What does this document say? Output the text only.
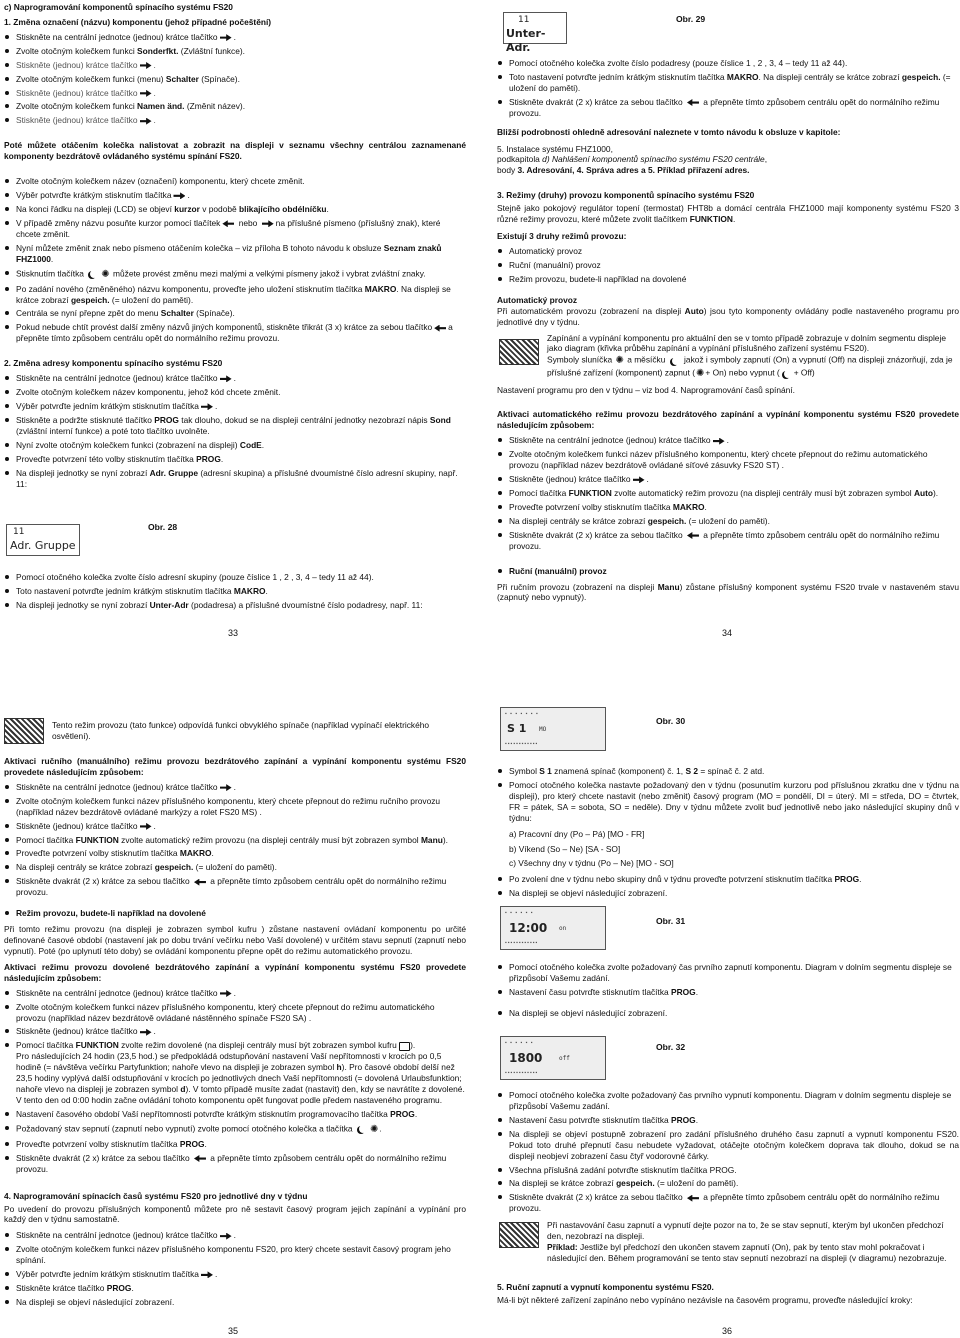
c) Naprogramování komponentů spínacího systému FS20

1. Změna označení (názvu) komponentu (jehož případné počeštění)

Stiskněte na centrální jednotce (jednou) krátce tlačítko .
Zvolte otočným kolečkem funkci Sonderfkt. (Zvláštní funkce).
Stiskněte (jednou) krátce tlačítko .
Zvolte otočným kolečkem funkci (menu) Schalter (Spínače).
Stiskněte (jednou) krátce tlačítko .
Zvolte otočným kolečkem funkci Namen änd. (Změnit název).
Stiskněte (jednou) krátce tlačítko .

Poté můžete otáčením kolečka nalistovat a zobrazit na displeji v seznamu všechny centrálou zaznamenané komponenty bezdrátově ovládaného systému spínání FS20.

Zvolte otočným kolečkem název (označení) komponentu, který chcete změnit.
Výběr potvrďte krátkým stisknutím tlačítka .
Na konci řádku na displeji (LCD) se objeví kurzor v podobě blikajícího obdélníčku.
V případě změny názvu posuňte kurzor pomocí tlačítek nebo na příslušné písmeno (příslušný znak), které chcete změnit.
Nyní můžete změnit znak nebo písmeno otáčením kolečka – viz příloha B tohoto návodu k obsluze Seznam znaků FHZ1000.
Stisknutím tlačítka ✺ můžete provést změnu mezi malými a velkými písmeny jakož i vybrat zvláštní znaky.
Po zadání nového (změněného) názvu komponentu, proveďte jeho uložení stisknutím tlačítka MAKRO. Na displeji se krátce zobrazí gespeich. (= uložení do paměti).
Centrála se nyní přepne zpět do menu Schalter (Spínače).
Pokud nebude chtít provést další změny názvů jiných komponentů, stiskněte třikrát (3 x) krátce za sebou tlačítko a přepněte tímto způsobem centrálu opět do normálního režimu provozu.

2. Změna adresy komponentu spínacího systému FS20

Stiskněte na centrální jednotce (jednou) krátce tlačítko .
Zvolte otočným kolečkem název komponentu, jehož kód chcete změnit.
Výběr potvrďte jedním krátkým stisknutím tlačítka .
Stiskněte a podržte stisknuté tlačítko PROG tak dlouho, dokud se na displeji centrální jednotky nezobrazí nápis Sond (zvláštní interní funkce) a poté toto tlačítko uvolněte.
Nyní zvolte otočným kolečkem funkci (zobrazení na displeji) CodE.
Proveďte potvrzení této volby stisknutím tlačítka PROG.
Na displeji jednotky se nyní zobrazí Adr. Gruppe (adresní skupina) a příslušné dvoumístné číslo adresní skupiny, např. 11:
Obr. 28
11
Adr. Gruppe
Pomocí otočného kolečka zvolte číslo adresní skupiny (pouze číslice 1 , 2 , 3, 4 – tedy 11 až 44).
Toto nastavení potvrďte jedním krátkým stisknutím tlačítka MAKRO.
Na displeji jednotky se nyní zobrazí Unter-Adr (podadresa) a příslušné dvoumístné číslo podadresy, např. 11:
33
11
Unter-Adr.
Obr. 29
Pomocí otočného kolečka zvolte číslo podadresy (pouze číslice 1 , 2 , 3, 4 – tedy 11 až 44).
Toto nastavení potvrďte jedním krátkým stisknutím tlačítka MAKRO. Na displeji centrály se krátce zobrazí gespeich. (= uložení do paměti).
Stiskněte dvakrát (2 x) krátce za sebou tlačítko a přepněte tímto způsobem centrálu opět do normálního režimu provozu.

Bližší podrobnosti ohledně adresování naleznete v tomto návodu k obsluze v kapitole:

5. Instalace systému FHZ1000,

podkapitola d) Nahlášení komponentů spínacího systému FS20 centrále,

body 3. Adresování, 4. Správa adres a 5. Příklad přiřazení adres.

3. Režimy (druhy) provozu komponentů spínacího systému FS20

Stejně jako pokojový regulátor topení (termostat) FHT8b a domácí centrála FHZ1000 mají komponenty systému FS20 3 různé režimy provozu, které můžete zvolit tlačítkem FUNKTION.

Existují 3 druhy režimů provozu:

Automatický provoz
Ruční (manuální) provoz
Režim provozu, budete-li například na dovolené

Automatický provoz

Při automatickém provozu (zobrazení na displeji Auto) jsou tyto komponenty ovládány podle nastaveného programu pro jednotlivé dny v týdnu.

Zapínání a vypínání komponentu pro aktuální den se v tomto případě zobrazuje v dolním segmentu displeje jako diagram (křivka průběhu zapínání a vypínání příslušného zařízení systému FS20).

Symboly sluníčka ✺ a měsíčku jakož i symboly zapnutí (On) a vypnutí (Off) na displeji znázorňují, zda je příslušné zařízení (komponent) zapnut (✺+ On) nebo vypnut ( + Off)

Nastavení programu pro den v týdnu – viz bod 4. Naprogramování časů spínání.

Aktivaci automatického režimu provozu bezdrátového zapínání a vypínání komponentu systému FS20 provedete následujícím způsobem:

Stiskněte na centrální jednotce (jednou) krátce tlačítko .
Zvolte otočným kolečkem funkci název příslušného komponentu, který chcete přepnout do režimu automatického provozu (například název bezdrátově ovládané síťové zásuvky FS20 ST) .
Stiskněte (jednou) krátce tlačítko .
Pomocí tlačítka FUNKTION zvolte automatický režim provozu (na displeji centrály musí být zobrazen symbol Auto).
Proveďte potvrzení volby stisknutím tlačítka MAKRO.
Na displeji centrály se krátce zobrazí gespeich. (= uložení do paměti).
Stiskněte dvakrát (2 x) krátce za sebou tlačítko a přepněte tímto způsobem centrálu opět do normálního režimu provozu.
Ruční (manuální) provoz

Při ručním provozu (zobrazení na displeji Manu) zůstane příslušný komponent systému FS20 trvale v nastaveném stavu (zapnutý nebo vypnutý).

34

Tento režim provozu (tato funkce) odpovídá funkci obvyklého spínače (například vypínačí elektrického osvětlení).

Aktivaci ručního (manuálního) režimu provozu bezdrátového zapínání a vypínání komponentu systému FS20 provedete následujícím způsobem:

Stiskněte na centrální jednotce (jednou) krátce tlačítko .
Zvolte otočným kolečkem funkci název příslušného komponentu, který chcete přepnout do režimu ručního provozu (například název bezdrátově ovládané markýzy a rolet FS20 MS) .
Stiskněte (jednou) krátce tlačítko .
Pomocí tlačítka FUNKTION zvolte automatický režim provozu (na displeji centrály musí být zobrazen symbol Manu).
Proveďte potvrzení volby stisknutím tlačítka MAKRO.
Na displeji centrály se krátce zobrazí gespeich. (= uložení do paměti).
Stiskněte dvakrát (2 x) krátce za sebou tlačítko a přepněte tímto způsobem centrálu opět do normálního režimu provozu.
Režim provozu, budete-li například na dovolené

Při tomto režimu provozu (na displeji je zobrazen symbol kufru ) zůstane nastavení ovládaní komponentu po určité definované časové období (nastavení jak po dobu trvání večírku nebo Vaší dovolené) v určitém stavu sepnutí (zapnutí nebo vypnutí). Poté (po uplynutí této doby) se ovládání komponentu přepne opět do režimu automatického provozu.

Aktivaci režimu provozu dovolené bezdrátového zapínání a vypínání komponentu systému FS20 provedete následujícím způsobem:

Stiskněte na centrální jednotce (jednou) krátce tlačítko .
Zvolte otočným kolečkem funkci název příslušného komponentu, který chcete přepnout do režimu automatického provozu (například název bezdrátově ovládané nástěnného spínače FS20 SA) .
Stiskněte (jednou) krátce tlačítko .
Pomocí tlačítka FUNKTION zvolte režim dovolené (na displeji centrály musí být zobrazen symbol kufru ).
Pro následujících 24 hodin (23,5 hod.) se předpokládá odstupňování nastavení Vaší nepřítomnosti v krocích po 0,5 hodině (= návštěva večírku Partyfunktion; nahoře vlevo na displeji je zobrazen symbol h). Pro časové období delší než 23,5 hodiny vyplývá další odstupňování v krocích po jednotlivých dnech Vaší nepřítomnosti (= dovolená Urlaubsfunktion; nahoře vlevo na displeji je zobrazen symbol d). V tomto případě musíte zadat (nastavit) den, kdy se navrátíte z dovolené. V tento den od 0:00 hodin začne ovládání tohoto komponentu opět fungovat podle předem nastaveného programu.
Nastavení časového období Vaší nepřítomnosti potvrďte krátkým stisknutím programovacího tlačítka PROG.
Požadovaný stav sepnutí (zapnutí nebo vypnutí) zvolte pomocí otočného kolečka a tlačítka ✺.
Proveďte potvrzení volby stisknutím tlačítka PROG.
Stiskněte dvakrát (2 x) krátce za sebou tlačítko a přepněte tímto způsobem centrálu opět do normálního režimu provozu.

4. Naprogramování spínacích časů systému FS20 pro jednotlivé dny v týdnu

Po uvedení do provozu příslušných komponentů můžete pro ně sestavit časový program jejich zapínání a vypínání pro každý den v týdnu samostatně.

Stiskněte na centrální jednotce (jednou) krátce tlačítko .
Zvolte otočným kolečkem funkci název příslušného komponentu FS20, pro který chcete sestavit časový program jeho spínání.
Výběr potvrďte jedním krátkým stisknutím tlačítka .
Stiskněte krátce tlačítko PROG.
Na displeji se objeví následující zobrazení.
35
▪ ▪ ▪ ▪ ▪ ▪ ▪
S 1 MO
▪▪▪▪▪▪▪▪▪▪▪▪
Obr. 30
Symbol S 1 znamená spínač (komponent) č. 1, S 2 = spínač č. 2 atd.
Pomocí otočného kolečka nastavte požadovaný den v týdnu (posunutím kurzoru pod příslušnou zkratku dne v týdnu na displeji), pro který chcete nastavit (nebo změnit) časový program (MO = pondělí, DI = úterý. MI = středa, DO = čtvrtek, FR = pátek, SA = sobota, SO = neděle). Dny v týdnu můžete zvolit buď jednotlivě nebo jako následující skupiny dnů v týdnu:
a) Pracovní dny (Po – Pá) [MO - FR]
b) Víkend (So – Ne) [SA - SO]
c) Všechny dny v týdnu (Po – Ne) [MO - SO]
Po zvolení dne v týdnu nebo skupiny dnů v týdnu proveďte potvrzení stisknutím tlačítka PROG.
Na displeji se objeví následující zobrazení.
▪ ▪ ▪ ▪ ▪ ▪
12:00 on
▪▪▪▪▪▪▪▪▪▪▪▪
Obr. 31
Pomocí otočného kolečka zvolte požadovaný čas prvního zapnutí komponentu. Diagram v dolním segmentu displeje se přizpůsobí Vašemu zadání.
Nastavení času potvrďte stisknutím tlačítka PROG.
Na displeji se objeví následující zobrazení.
▪ ▪ ▪ ▪ ▪ ▪
1800	off
▪▪▪▪▪▪▪▪▪▪▪▪
Obr. 32
Pomocí otočného kolečka zvolte požadovaný čas prvního vypnutí komponentu. Diagram v dolním segmentu displeje se přizpůsobí Vašemu zadání.
Nastavení času potvrďte stisknutím tlačítka PROG.
Na displeji se objeví postupně zobrazení pro zadání příslušného druhého času zapnutí a vypnutí komponentu FS20. Pokud toto druhé přepnutí času nebudete vyžadovat, otáčejte otočným kolečkem doprava tak dlouho, dokud se na displeji neobjeví zobrazení času čtyř vodorovné čárky.
Všechna příslušná zadání potvrďte stisknutím tlačítka PROG.
Na displeji se krátce zobrazí gespeich. (= uložení do paměti).
Stiskněte dvakrát (2 x) krátce za sebou tlačítko a přepněte tímto způsobem centrálu opět do normálního režimu provozu.

Při nastavování času zapnutí a vypnutí dejte pozor na to, že se stav sepnutí, kterým byl ukončen předchozí den, nezobrazí na displeji.

Příklad: Jestliže byl předchozí den ukončen stavem zapnutí (On), pak by tento stav mohl pokračovat i následující den. Během programování se tento stav sepnutí nezobrazí na displeji (v diagramu) nezobrazuje.

5. Ruční zapnutí a vypnutí komponentu systému FS20.

Má-li být některé zařízení zapínáno nebo vypínáno nezávisle na časovém programu, proveďte následující kroky:

36
